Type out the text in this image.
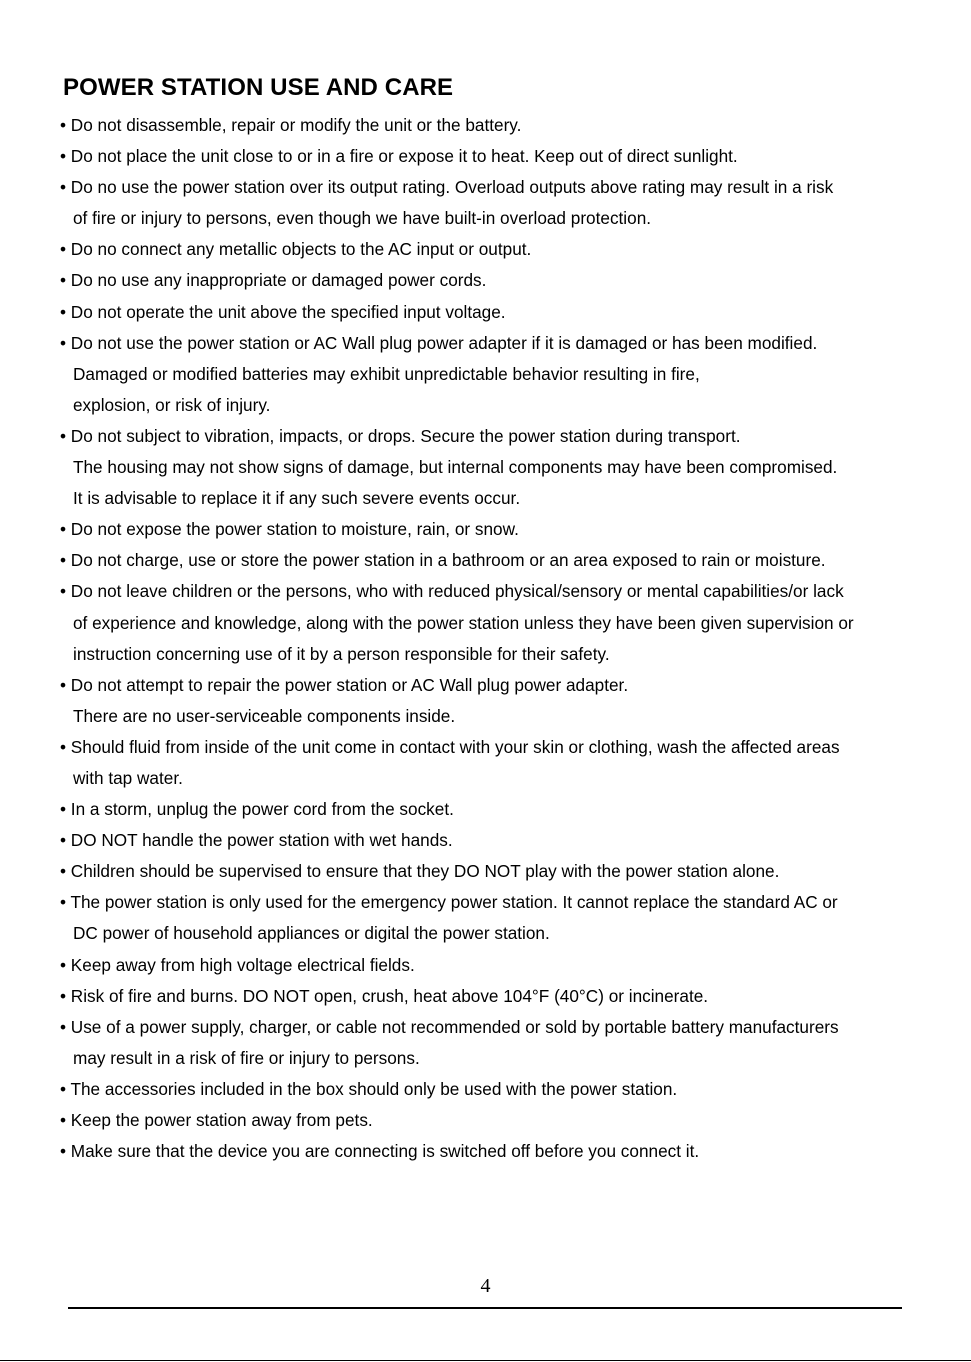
POWER STATION USE AND CARE
• Do not disassemble, repair or modify the unit or the battery.
• Do not place the unit close to or in a fire or expose it to heat. Keep out of direct sunlight.
• Do no use the power station over its output rating. Overload outputs above rating may result in a risk
of fire or injury to persons, even though we have built-in overload protection.
• Do no connect any metallic objects to the AC input or output.
• Do no use any inappropriate or damaged power cords.
• Do not operate the unit above the specified input voltage.
• Do not use the power station or AC Wall plug power adapter if it is damaged or has been modified.
Damaged or modified batteries may exhibit unpredictable behavior resulting in fire,
explosion, or risk of injury.
• Do not subject to vibration, impacts, or drops. Secure the power station during transport.
The housing may not show signs of damage, but internal components may have been compromised.
It is advisable to replace it if any such severe events occur.
• Do not expose the power station to moisture, rain, or snow.
• Do not charge, use or store the power station in a bathroom or an area exposed to rain or moisture.
• Do not leave children or the persons, who with reduced physical/sensory or mental capabilities/or lack
of experience and knowledge, along with the power station unless they have been given supervision or
instruction concerning use of it by a person responsible for their safety.
• Do not attempt to repair the power station or AC Wall plug power adapter.
There are no user-serviceable components inside.
• Should fluid from inside of the unit come in contact with your skin or clothing, wash the affected areas
with tap water.
• In a storm, unplug the power cord from the socket.
• DO NOT handle the power station with wet hands.
• Children should be supervised to ensure that they DO NOT play with the power station alone.
• The power station is only used for the emergency power station. It cannot replace the standard AC or
DC power of household appliances or digital the power station.
• Keep away from high voltage electrical fields.
• Risk of fire and burns. DO NOT open, crush, heat above 104°F (40°C) or incinerate.
• Use of a power supply, charger, or cable not recommended or sold by portable battery manufacturers
may result in a risk of fire or injury to persons.
• The accessories included in the box should only be used with the power station.
• Keep the power station away from pets.
• Make sure that the device you are connecting is switched off before you connect it.
4
